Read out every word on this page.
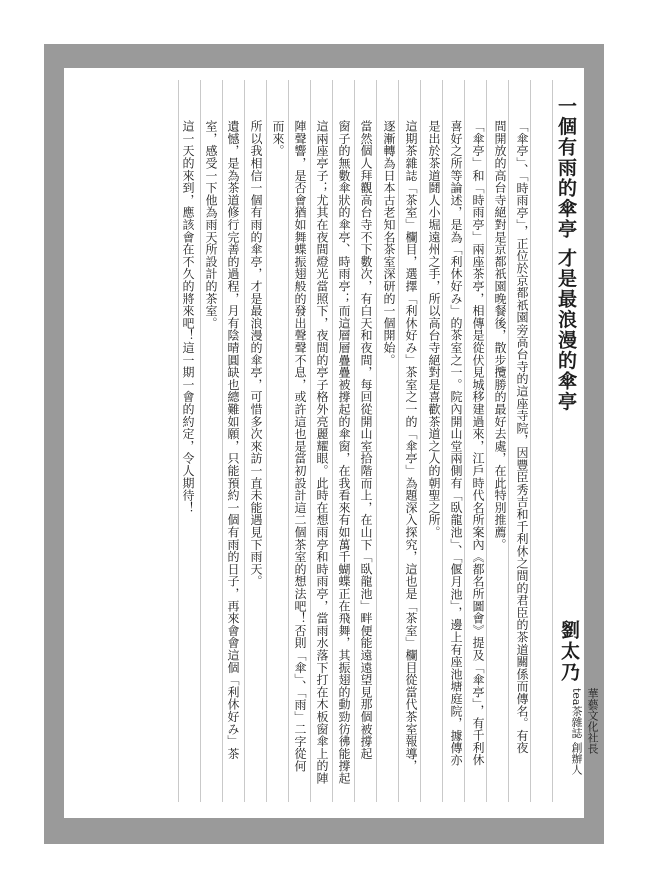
一個有雨的傘亭 才是最浪漫的傘亭
劉太乃
華藝文化社長
tea茶雜誌 創辦人
「傘亭」、「時雨亭」，正位於京都祇園旁高台寺的這座寺院，因豐臣秀吉和千利休之間的君臣的茶道關係而傳名。有夜
間開放的高台寺絕對是京都祇園晚餐後，散步攬勝的最好去處，在此特別推薦。
「傘亭」和「時雨亭」兩座茶亭，相傳是從伏見城移建過來，江戶時代名所案內《都名所圖會》提及「傘亭」，有千利休
喜好之所等論述，是為「利休好み」的茶室之一。院內開山堂兩側有「臥龍池」、「偃月池」，邊上有座池塘庭院，據傳亦
是出於茶道鬪人小堀遠州之手，所以高台寺絕對是喜歡茶道之人的朝聖之所。
這期茶雜誌「茶室」欄目，選擇「利休好み」茶室之一的「傘亭」為題深入探究，這也是「茶室」欄目從當代茶室報導，
逐漸轉為日本古老知名茶室深研的一個開始。
當然個人拜觀高台寺不下數次，有白天和夜間，每回從開山室拾階而上，在山下「臥龍池」畔便能遠遠望見那個被撐起
窗子的無數傘狀的傘亭、時雨亭；而這層層疊疊被撐起的傘窗，在我看來有如萬千蝴蝶正在飛舞，其振翅的動勁彷彿能撐起
這兩座亭子；尤其在夜間燈光當照下，夜間的亭子格外亮麗耀眼。此時在想雨亭和時雨亭，當雨水落下打在木板窗傘上的陣
陣聲響，是否會猶如舞蝶振翅般的發出聲聲不息，或許這也是當初設計這二個茶室的想法吧！否則「傘」、「雨」二字從何
而來。
所以我相信一個有雨的傘亭，才是最浪漫的傘亭，可惜多次來訪一直未能遇見下雨天。
遺憾，是為茶道修行完善的過程，月有陰晴圓缺也總難如願，只能預約一個有雨的日子，再來會會這個「利休好み」茶
室，感受一下他為雨天所設計的茶室。
這一天的來到，應該會在不久的將來吧！這一期一會的約定，令人期待！
